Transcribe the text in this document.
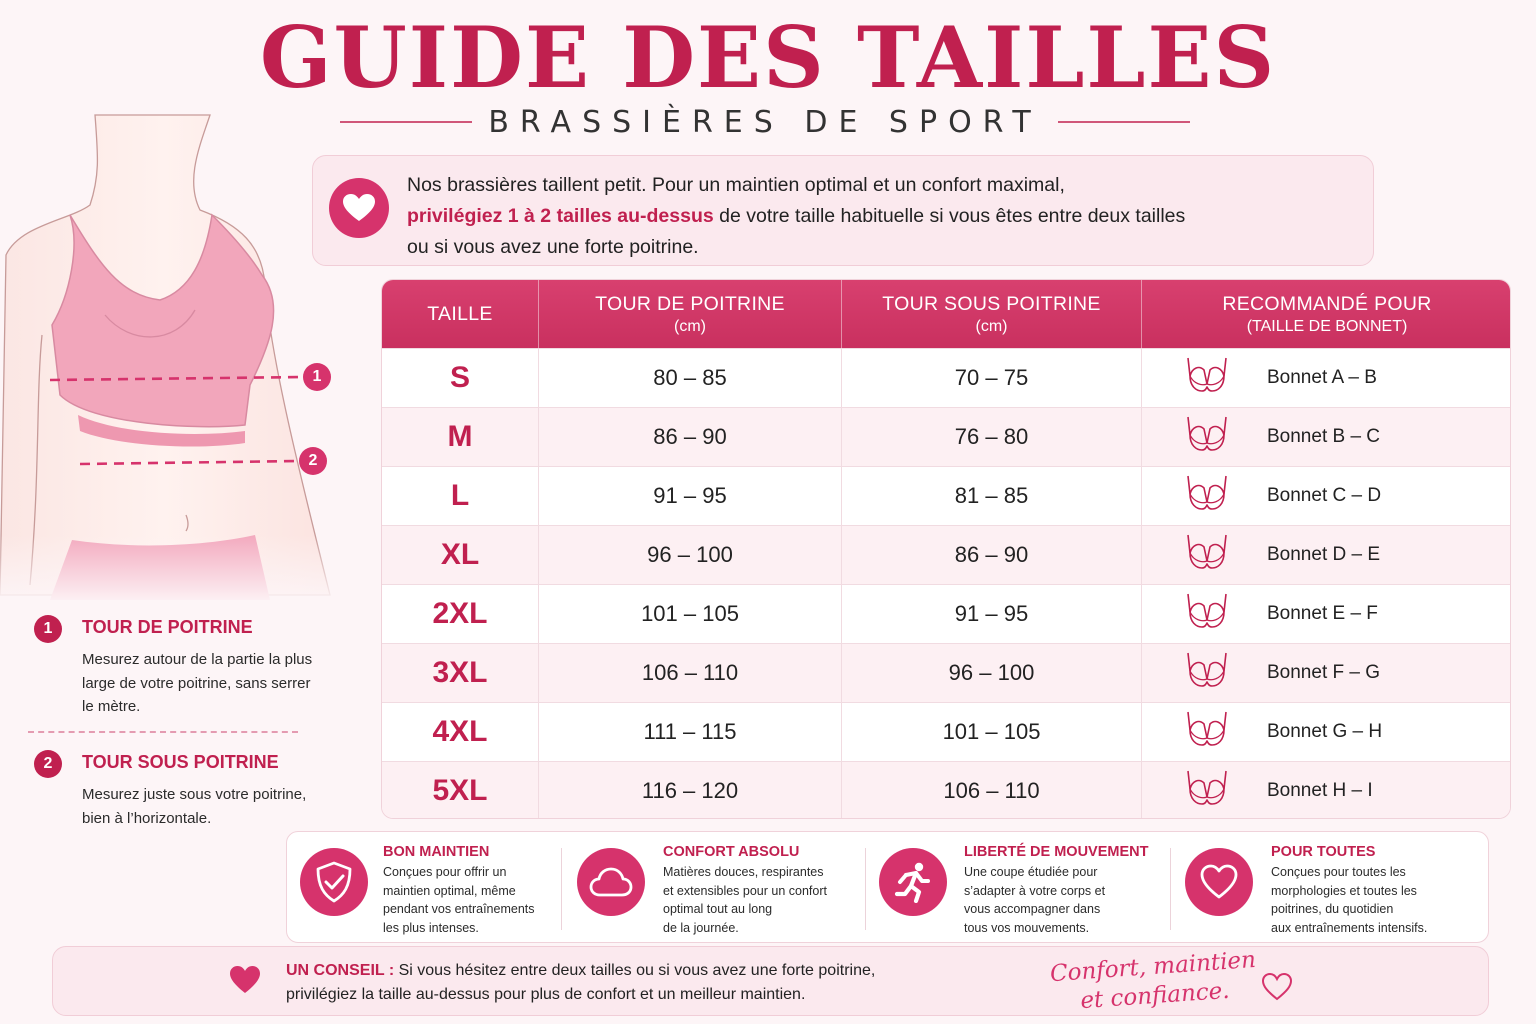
GUIDE DES TAILLES
BRASSIÈRES DE SPORT
Nos brassières taillent petit. Pour un maintien optimal et un confort maximal,
privilégiez 1 à 2 tailles au-dessus de votre taille habituelle si vous êtes entre deux tailles
ou si vous avez une forte poitrine.
1
2
1	TOUR DE POITRINE
Mesurez autour de la partie la plus large de votre poitrine, sans serrer le mètre.
2	TOUR SOUS POITRINE
Mesurez juste sous votre poitrine, bien à l’horizontale.
TAILLE	TOUR DE POITRINE
(cm)
TOUR SOUS POITRINE
(cm)
RECOMMANDÉ POUR
(TAILLE DE BONNET)
S	80 – 85	70 – 75	Bonnet A – B
M	86 – 90	76 – 80	Bonnet B – C
L	91 – 95	81 – 85	Bonnet C – D
XL	96 – 100	86 – 90	Bonnet D – E
2XL	101 – 105	91 – 95	Bonnet E – F
3XL	106 – 110	96 – 100	Bonnet F – G
4XL	111 – 115	101 – 105	Bonnet G – H
5XL	116 – 120	106 – 110	Bonnet H – I
BON MAINTIEN
Conçues pour offrir un
maintien optimal, même
pendant vos entraînements
les plus intenses.
CONFORT ABSOLU
Matières douces, respirantes
et extensibles pour un confort
optimal tout au long
de la journée.
LIBERTÉ DE MOUVEMENT
Une coupe étudiée pour
s’adapter à votre corps et
vous accompagner dans
tous vos mouvements.
POUR TOUTES
Conçues pour toutes les
morphologies et toutes les
poitrines, du quotidien
aux entraînements intensifs.
UN CONSEIL : Si vous hésitez entre deux tailles ou si vous avez une forte poitrine,
privilégiez la taille au-dessus pour plus de confort et un meilleur maintien.
Confort, maintien
et confiance.
